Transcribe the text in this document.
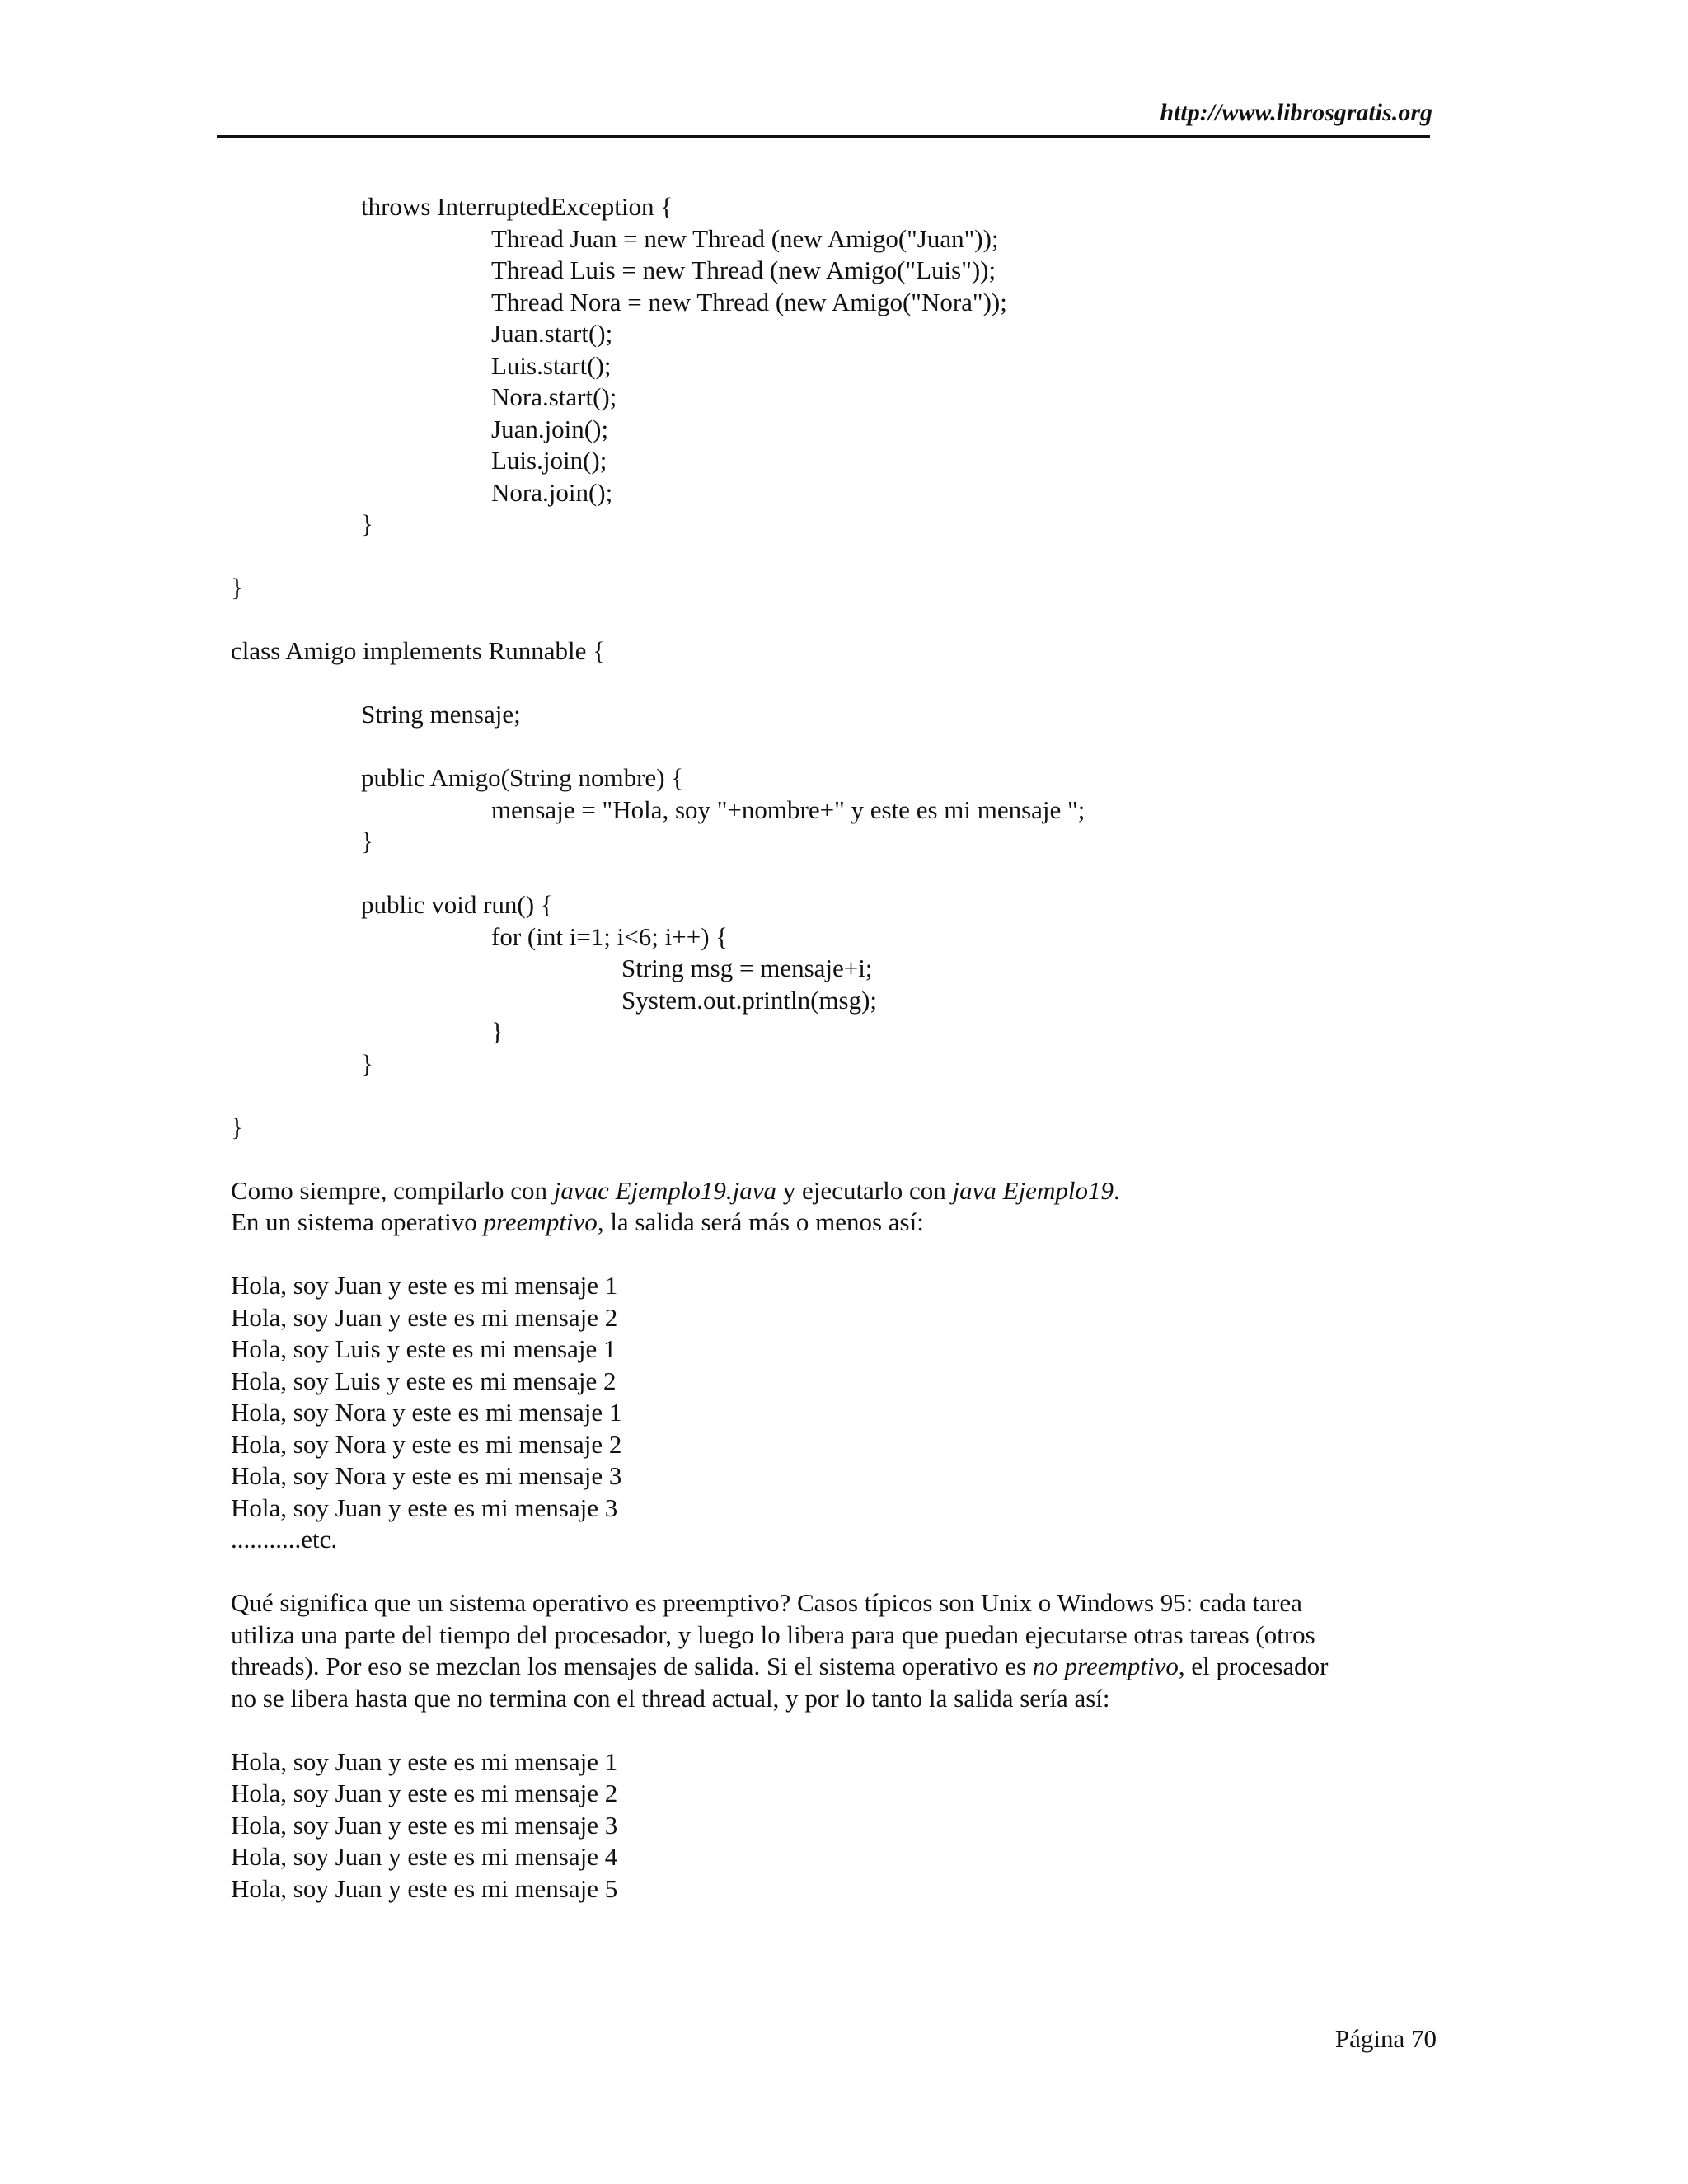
http://www.librosgratis.org
throws InterruptedException {
Thread Juan = new Thread (new Amigo("Juan"));
Thread Luis = new Thread (new Amigo("Luis"));
Thread Nora = new Thread (new Amigo("Nora"));
Juan.start();
Luis.start();
Nora.start();
Juan.join();
Luis.join();
Nora.join();
}
}
class Amigo implements Runnable {
String mensaje;
public Amigo(String nombre) {
mensaje = "Hola, soy "+nombre+" y este es mi mensaje ";
}
public void run() {
for (int i=1; i<6; i++) {
String msg = mensaje+i;
System.out.println(msg);
}
}
}
Como siempre, compilarlo con javac Ejemplo19.java y ejecutarlo con java Ejemplo19.
En un sistema operativo preemptivo, la salida será más o menos así:
Hola, soy Juan y este es mi mensaje 1
Hola, soy Juan y este es mi mensaje 2
Hola, soy Luis y este es mi mensaje 1
Hola, soy Luis y este es mi mensaje 2
Hola, soy Nora y este es mi mensaje 1
Hola, soy Nora y este es mi mensaje 2
Hola, soy Nora y este es mi mensaje 3
Hola, soy Juan y este es mi mensaje 3
...........etc.
Qué significa que un sistema operativo es preemptivo? Casos típicos son Unix o Windows 95: cada tarea
utiliza una parte del tiempo del procesador, y luego lo libera para que puedan ejecutarse otras tareas (otros
threads). Por eso se mezclan los mensajes de salida. Si el sistema operativo es no preemptivo, el procesador
no se libera hasta que no termina con el thread actual, y por lo tanto la salida sería así:
Hola, soy Juan y este es mi mensaje 1
Hola, soy Juan y este es mi mensaje 2
Hola, soy Juan y este es mi mensaje 3
Hola, soy Juan y este es mi mensaje 4
Hola, soy Juan y este es mi mensaje 5
Página 70
